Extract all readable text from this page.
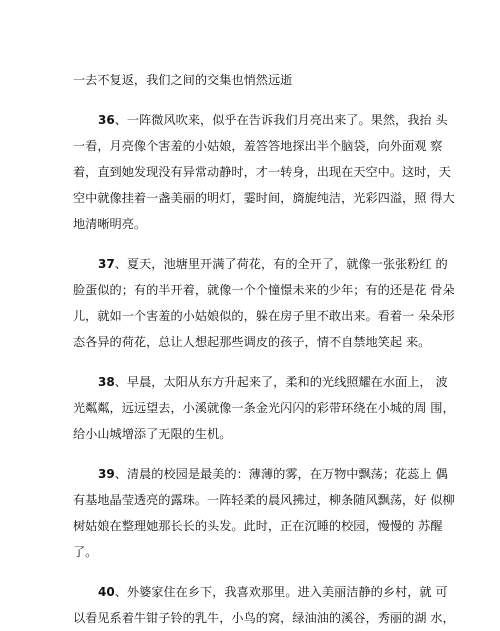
一去不复返，我们之间的交集也悄然远逝
36、一阵微风吹来，似乎在告诉我们月亮出来了。果然，我抬 头
一看，月亮像个害羞的小姑娘，羞答答地探出半个脑袋，向外面观 察
着，直到她发现没有异常动静时，才一转身，出现在天空中。这时，天
空中就像挂着一盏美丽的明灯，霎时间，旖旎纯洁，光彩四溢，照 得大
地清晰明亮。
37、夏天，池塘里开满了荷花，有的全开了，就像一张张粉红 的
脸蛋似的；有的半开着，就像一个个憧憬未来的少年；有的还是花 骨朵
儿，就如一个害羞的小姑娘似的，躲在房子里不敢出来。看着一 朵朵形
态各异的荷花，总让人想起那些调皮的孩子，情不自禁地笑起 来。
38、早晨，太阳从东方升起来了，柔和的光线照耀在水面上， 波
光粼粼，远远望去，小溪就像一条金光闪闪的彩带环绕在小城的周 围，
给小山城增添了无限的生机。
39、清晨的校园是最美的：薄薄的雾，在万物中飘荡；花蕊上 偶
有基地晶莹透亮的露珠。一阵轻柔的晨风拂过，柳条随风飘荡，好 似柳
树姑娘在整理她那长长的头发。此时，正在沉睡的校园，慢慢的 苏醒
了。
40、外婆家住在乡下，我喜欢那里。进入美丽洁静的乡村，就 可
以看见系着牛钳子铃的乳牛，小鸟的窝，绿油油的溪谷，秀丽的湖 水，
